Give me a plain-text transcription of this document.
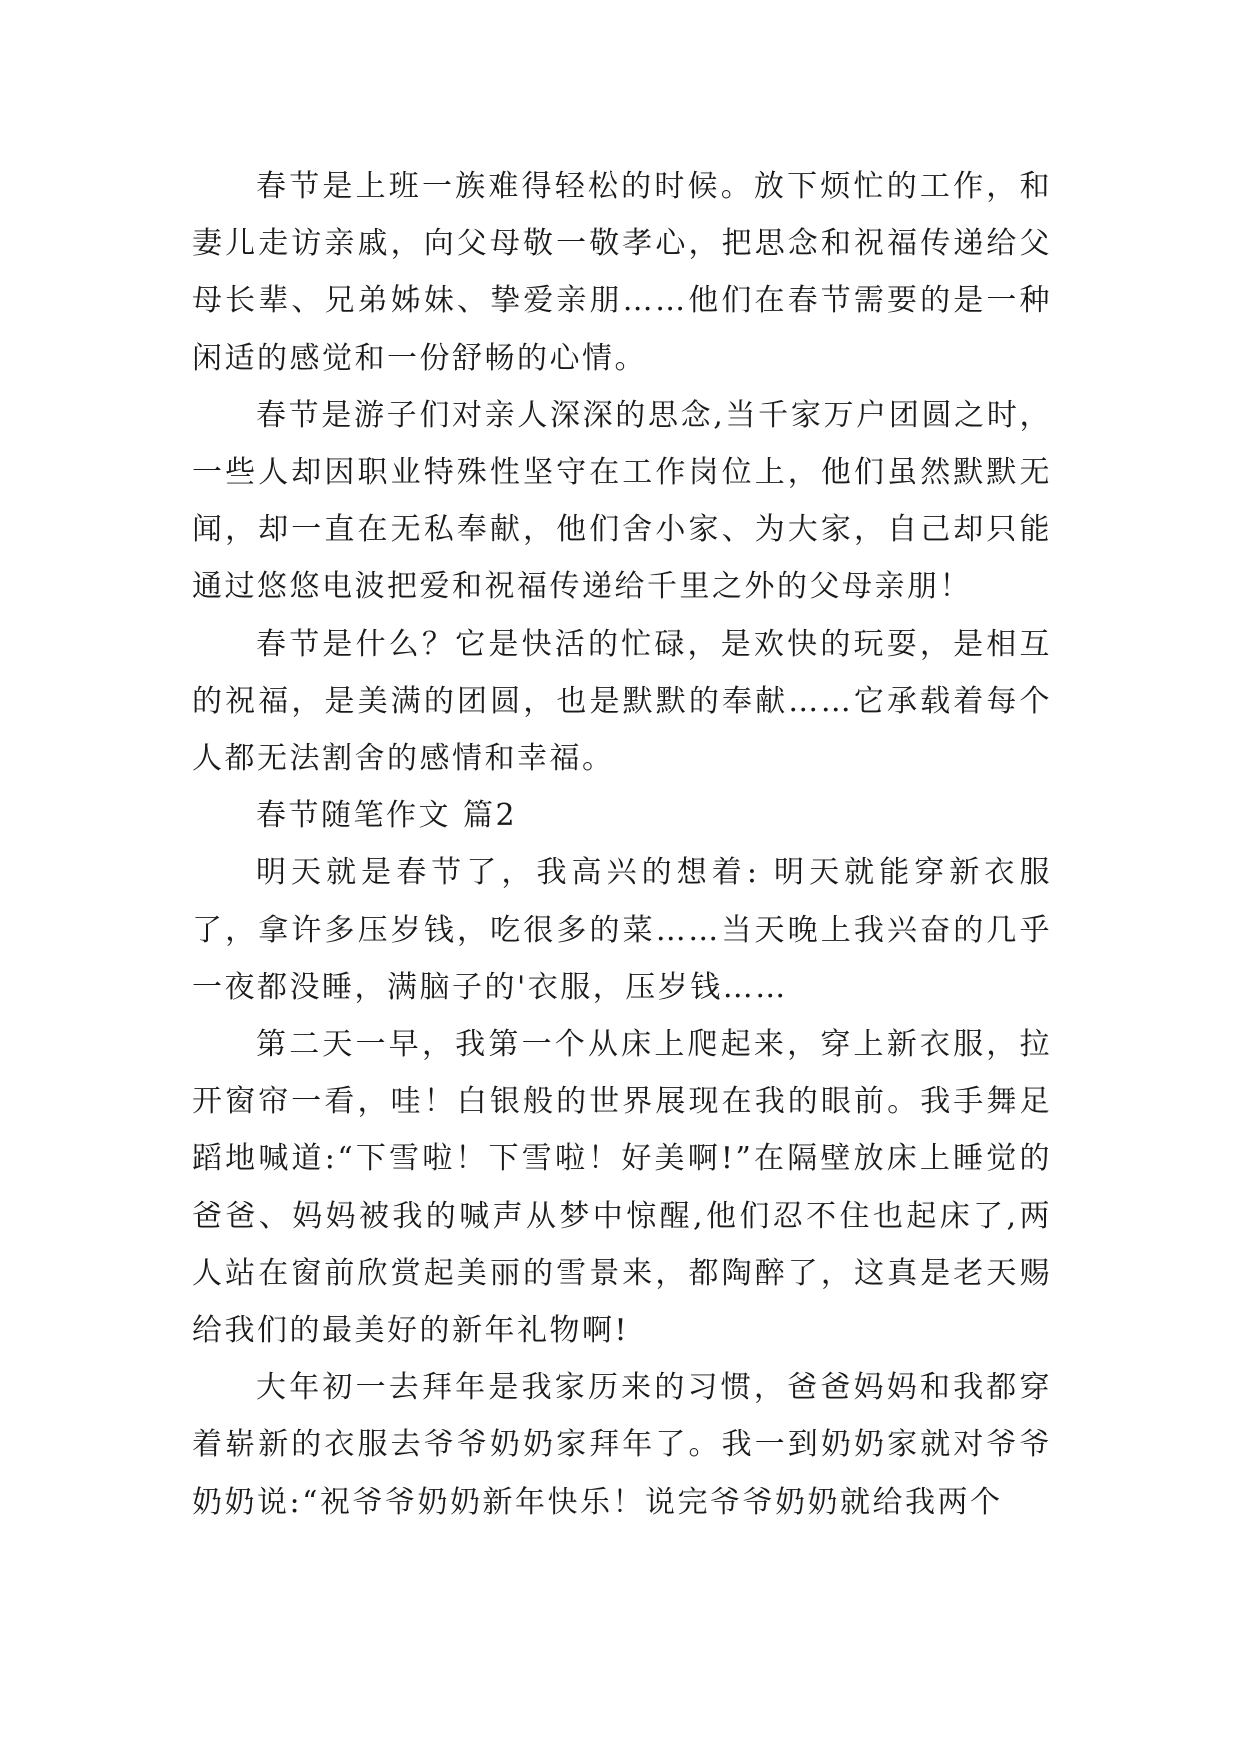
春节是上班一族难得轻松的时候。放下烦忙的工作，和妻儿走访亲戚，向父母敬一敬孝心，把思念和祝福传递给父母长辈、兄弟姊妹、挚爱亲朋……他们在春节需要的是一种闲适的感觉和一份舒畅的心情。

春节是游子们对亲人深深的思念,当千家万户团圆之时，一些人却因职业特殊性坚守在工作岗位上，他们虽然默默无闻，却一直在无私奉献，他们舍小家、为大家，自己却只能通过悠悠电波把爱和祝福传递给千里之外的父母亲朋！

春节是什么？它是快活的忙碌，是欢快的玩耍，是相互的祝福，是美满的团圆，也是默默的奉献……它承载着每个人都无法割舍的感情和幸福。

春节随笔作文 篇2

明天就是春节了，我高兴的想着: 明天就能穿新衣服了，拿许多压岁钱，吃很多的菜……当天晚上我兴奋的几乎一夜都没睡，满脑子的'衣服，压岁钱……

第二天一早，我第一个从床上爬起来，穿上新衣服，拉开窗帘一看，哇！白银般的世界展现在我的眼前。我手舞足蹈地喊道:“下雪啦！下雪啦！好美啊!”在隔壁放床上睡觉的爸爸、妈妈被我的喊声从梦中惊醒,他们忍不住也起床了,两人站在窗前欣赏起美丽的雪景来，都陶醉了，这真是老天赐给我们的最美好的新年礼物啊!

大年初一去拜年是我家历来的习惯，爸爸妈妈和我都穿着崭新的衣服去爷爷奶奶家拜年了。我一到奶奶家就对爷爷奶奶说:“祝爷爷奶奶新年快乐！说完爷爷奶奶就给我两个
